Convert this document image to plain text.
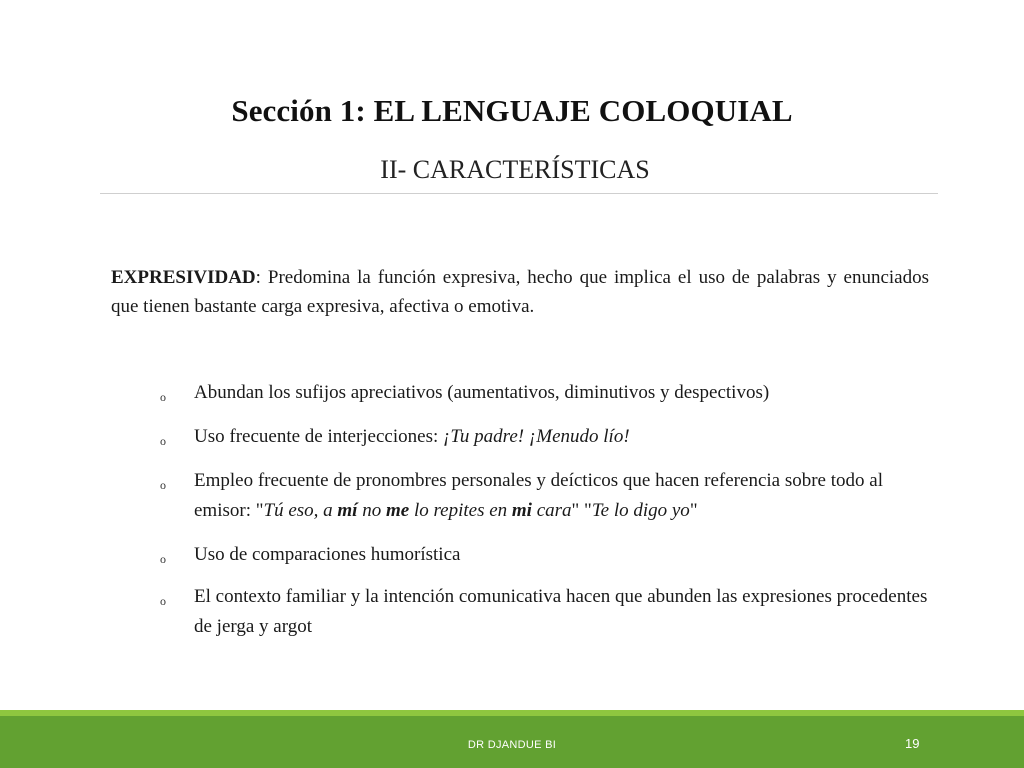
Sección 1: EL LENGUAJE COLOQUIAL
II- CARACTERÍSTICAS

EXPRESIVIDAD: Predomina la función expresiva, hecho que implica el uso de palabras y enunciados que tienen bastante carga expresiva, afectiva o emotiva.

o Abundan los sufijos apreciativos (aumentativos, diminutivos y despectivos)
o Uso frecuente de interjecciones: ¡Tu padre! ¡Menudo lío!
o Empleo frecuente de pronombres personales y deícticos que hacen referencia sobre todo al emisor: "Tú eso, a mí no me lo repites en mi cara" "Te lo digo yo"
o Uso de comparaciones humorística
o El contexto familiar y la intención comunicativa hacen que abunden las expresiones procedentes de jerga y argot
DR DJANDUE BI	19
